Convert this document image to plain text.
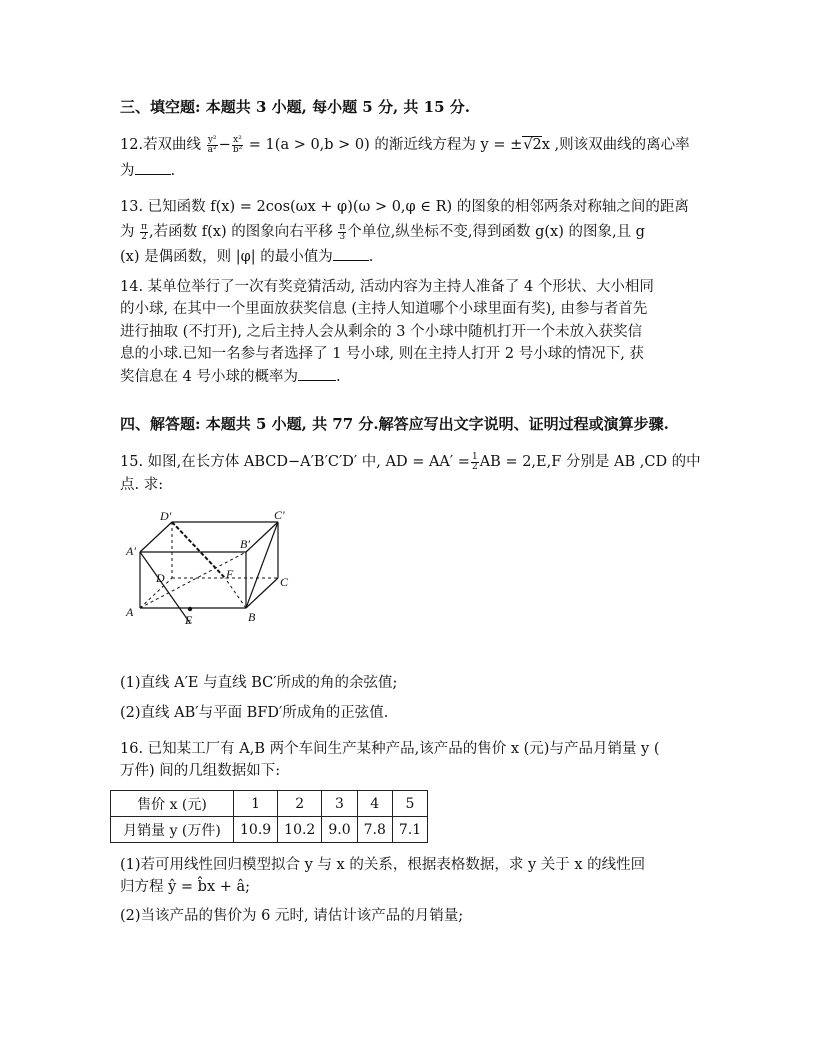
三、填空题: 本题共 3 小题, 每小题 5 分, 共 15 分.
12.若双曲线 $\frac{\text{y²}}{\text{a²}} - \frac{\text{x²}}{\text{b²}} = 1(a > 0,b > 0)$ 的渐近线方程为 y = ±√2x ,则该双曲线的离心率
为 .
13. 已知函数 f(x) = 2cos(ωx + φ)(ω > 0,φ ∈ R) 的图象的相邻两条对称轴之间的距离
为 $\frac{\pi}{2}$ ,若函数 f(x) 的图象向右平移 $\frac{\pi}{3}$ 个单位,纵坐标不变,得到函数 g(x) 的图象,且 g
(x) 是偶函数，则 |φ| 的最小值为 .
14. 某单位举行了一次有奖竞猜活动, 活动内容为主持人准备了 4 个形状、大小相同
的小球, 在其中一个里面放获奖信息 (主持人知道哪个小球里面有奖), 由参与者首先
进行抽取 (不打开), 之后主持人会从剩余的 3 个小球中随机打开一个未放入获奖信
息的小球.已知一名参与者选择了 1 号小球, 则在主持人打开 2 号小球的情况下, 获
奖信息在 4 号小球的概率为	.
四、解答题: 本题共 5 小题, 共 77 分.解答应写出文字说明、证明过程或演算步骤.
15. 如图,在长方体 ABCD−A′B′C′D′ 中, AD = $AA' = \frac{1}{2}$ AB = 2,E,F 分别是 AB ,CD 的中
点. 求:
D′	C′
A′	B′
D	F
C
A
E	B
(1)直线 A′E 与直线 BC′所成的角的余弦值;
(2)直线 AB′与平面 BFD′所成角的正弦值.
16. 已知某工厂有 A,B 两个车间生产某种产品,该产品的售价 x (元)与产品月销量 y (
万件) 间的几组数据如下:
售价 x (元)	1	2	3	4	5
月销量 y (万件)	10.9	10.2	9.0	7.8	7.1
(1)若可用线性回归模型拟合 y 与 x 的关系，根据表格数据，求 y 关于 x 的线性回
归方程 ŷ = b̂x + â;
(2)当该产品的售价为 6 元时, 请估计该产品的月销量;
